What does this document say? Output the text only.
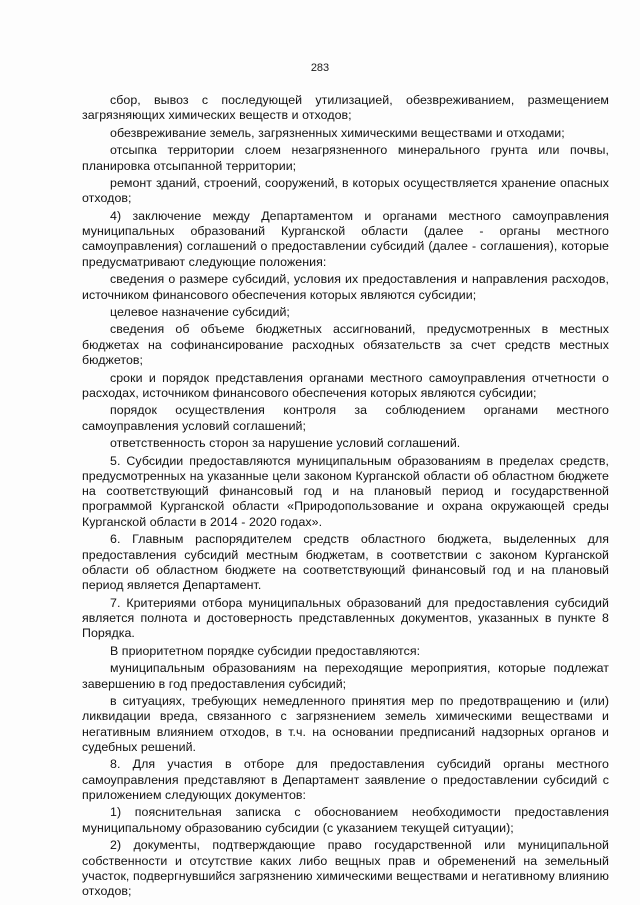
283

сбор, вывоз с последующей утилизацией, обезвреживанием, размещением загрязняющих химических веществ и отходов;

обезвреживание земель, загрязненных химическими веществами и отходами;

отсыпка территории слоем незагрязненного минерального грунта или почвы, планировка отсыпанной территории;

ремонт зданий, строений, сооружений, в которых осуществляется хранение опасных отходов;

4) заключение между Департаментом и органами местного самоуправления муниципальных образований Курганской области (далее - органы местного самоуправления) соглашений о предоставлении субсидий (далее - соглашения), которые предусматривают следующие положения:

сведения о размере субсидий, условия их предоставления и направления расходов, источником финансового обеспечения которых являются субсидии;

целевое назначение субсидий;

сведения об объеме бюджетных ассигнований, предусмотренных в местных бюджетах на софинансирование расходных обязательств за счет средств местных бюджетов;

сроки и порядок представления органами местного самоуправления отчетности о расходах, источником финансового обеспечения которых являются субсидии;

порядок осуществления контроля за соблюдением органами местного самоуправления условий соглашений;

ответственность сторон за нарушение условий соглашений.

5. Субсидии предоставляются муниципальным образованиям в пределах средств, предусмотренных на указанные цели законом Курганской области об областном бюджете на соответствующий финансовый год и на плановый период и государственной программой Курганской области «Природопользование и охрана окружающей среды Курганской области в 2014 - 2020 годах».

6. Главным распорядителем средств областного бюджета, выделенных для предоставления субсидий местным бюджетам, в соответствии с законом Курганской области об областном бюджете на соответствующий финансовый год и на плановый период является Департамент.

7. Критериями отбора муниципальных образований для предоставления субсидий является полнота и достоверность представленных документов, указанных в пункте 8 Порядка.

В приоритетном порядке субсидии предоставляются:

муниципальным образованиям на переходящие мероприятия, которые подлежат завершению в год предоставления субсидий;

в ситуациях, требующих немедленного принятия мер по предотвращению и (или) ликвидации вреда, связанного с загрязнением земель химическими веществами и негативным влиянием отходов, в т.ч. на основании предписаний надзорных органов и судебных решений.

8. Для участия в отборе для предоставления субсидий органы местного самоуправления представляют в Департамент заявление о предоставлении субсидий с приложением следующих документов:

1) пояснительная записка с обоснованием необходимости предоставления муниципальному образованию субсидии (с указанием текущей ситуации);

2) документы, подтверждающие право государственной или муниципальной собственности и отсутствие каких либо вещных прав и обременений на земельный участок, подвергнувшийся загрязнению химическими веществами и негативному влиянию отходов;
